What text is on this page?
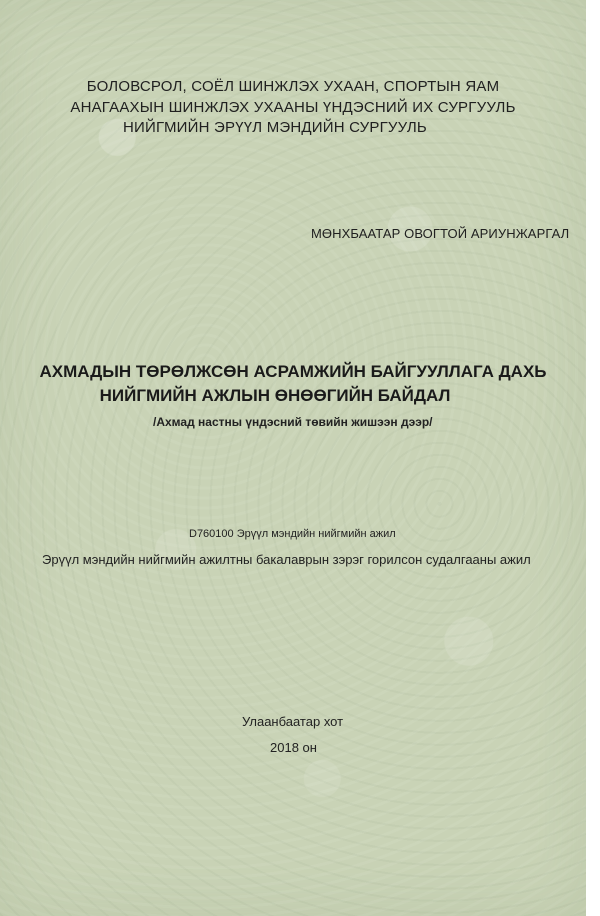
БОЛОВСРОЛ, СОЁЛ ШИНЖЛЭХ УХААН, СПОРТЫН ЯАМ

АНАГААХЫН ШИНЖЛЭХ УХААНЫ ҮНДЭСНИЙ ИХ СУРГУУЛЬ

НИЙГМИЙН ЭРҮҮЛ МЭНДИЙН СУРГУУЛЬ

МӨНХБААТАР ОВОГТОЙ АРИУНЖАРГАЛ

АХМАДЫН ТӨРӨЛЖСӨН АСРАМЖИЙН БАЙГУУЛЛАГА ДАХЬ

НИЙГМИЙН АЖЛЫН ӨНӨӨГИЙН БАЙДАЛ

/Ахмад настны үндэсний төвийн жишээн дээр/

D760100 Эрүүл мэндийн нийгмийн ажил

Эрүүл мэндийн нийгмийн ажилтны бакалаврын зэрэг горилсон судалгааны ажил

Улаанбаатар хот

2018 он
